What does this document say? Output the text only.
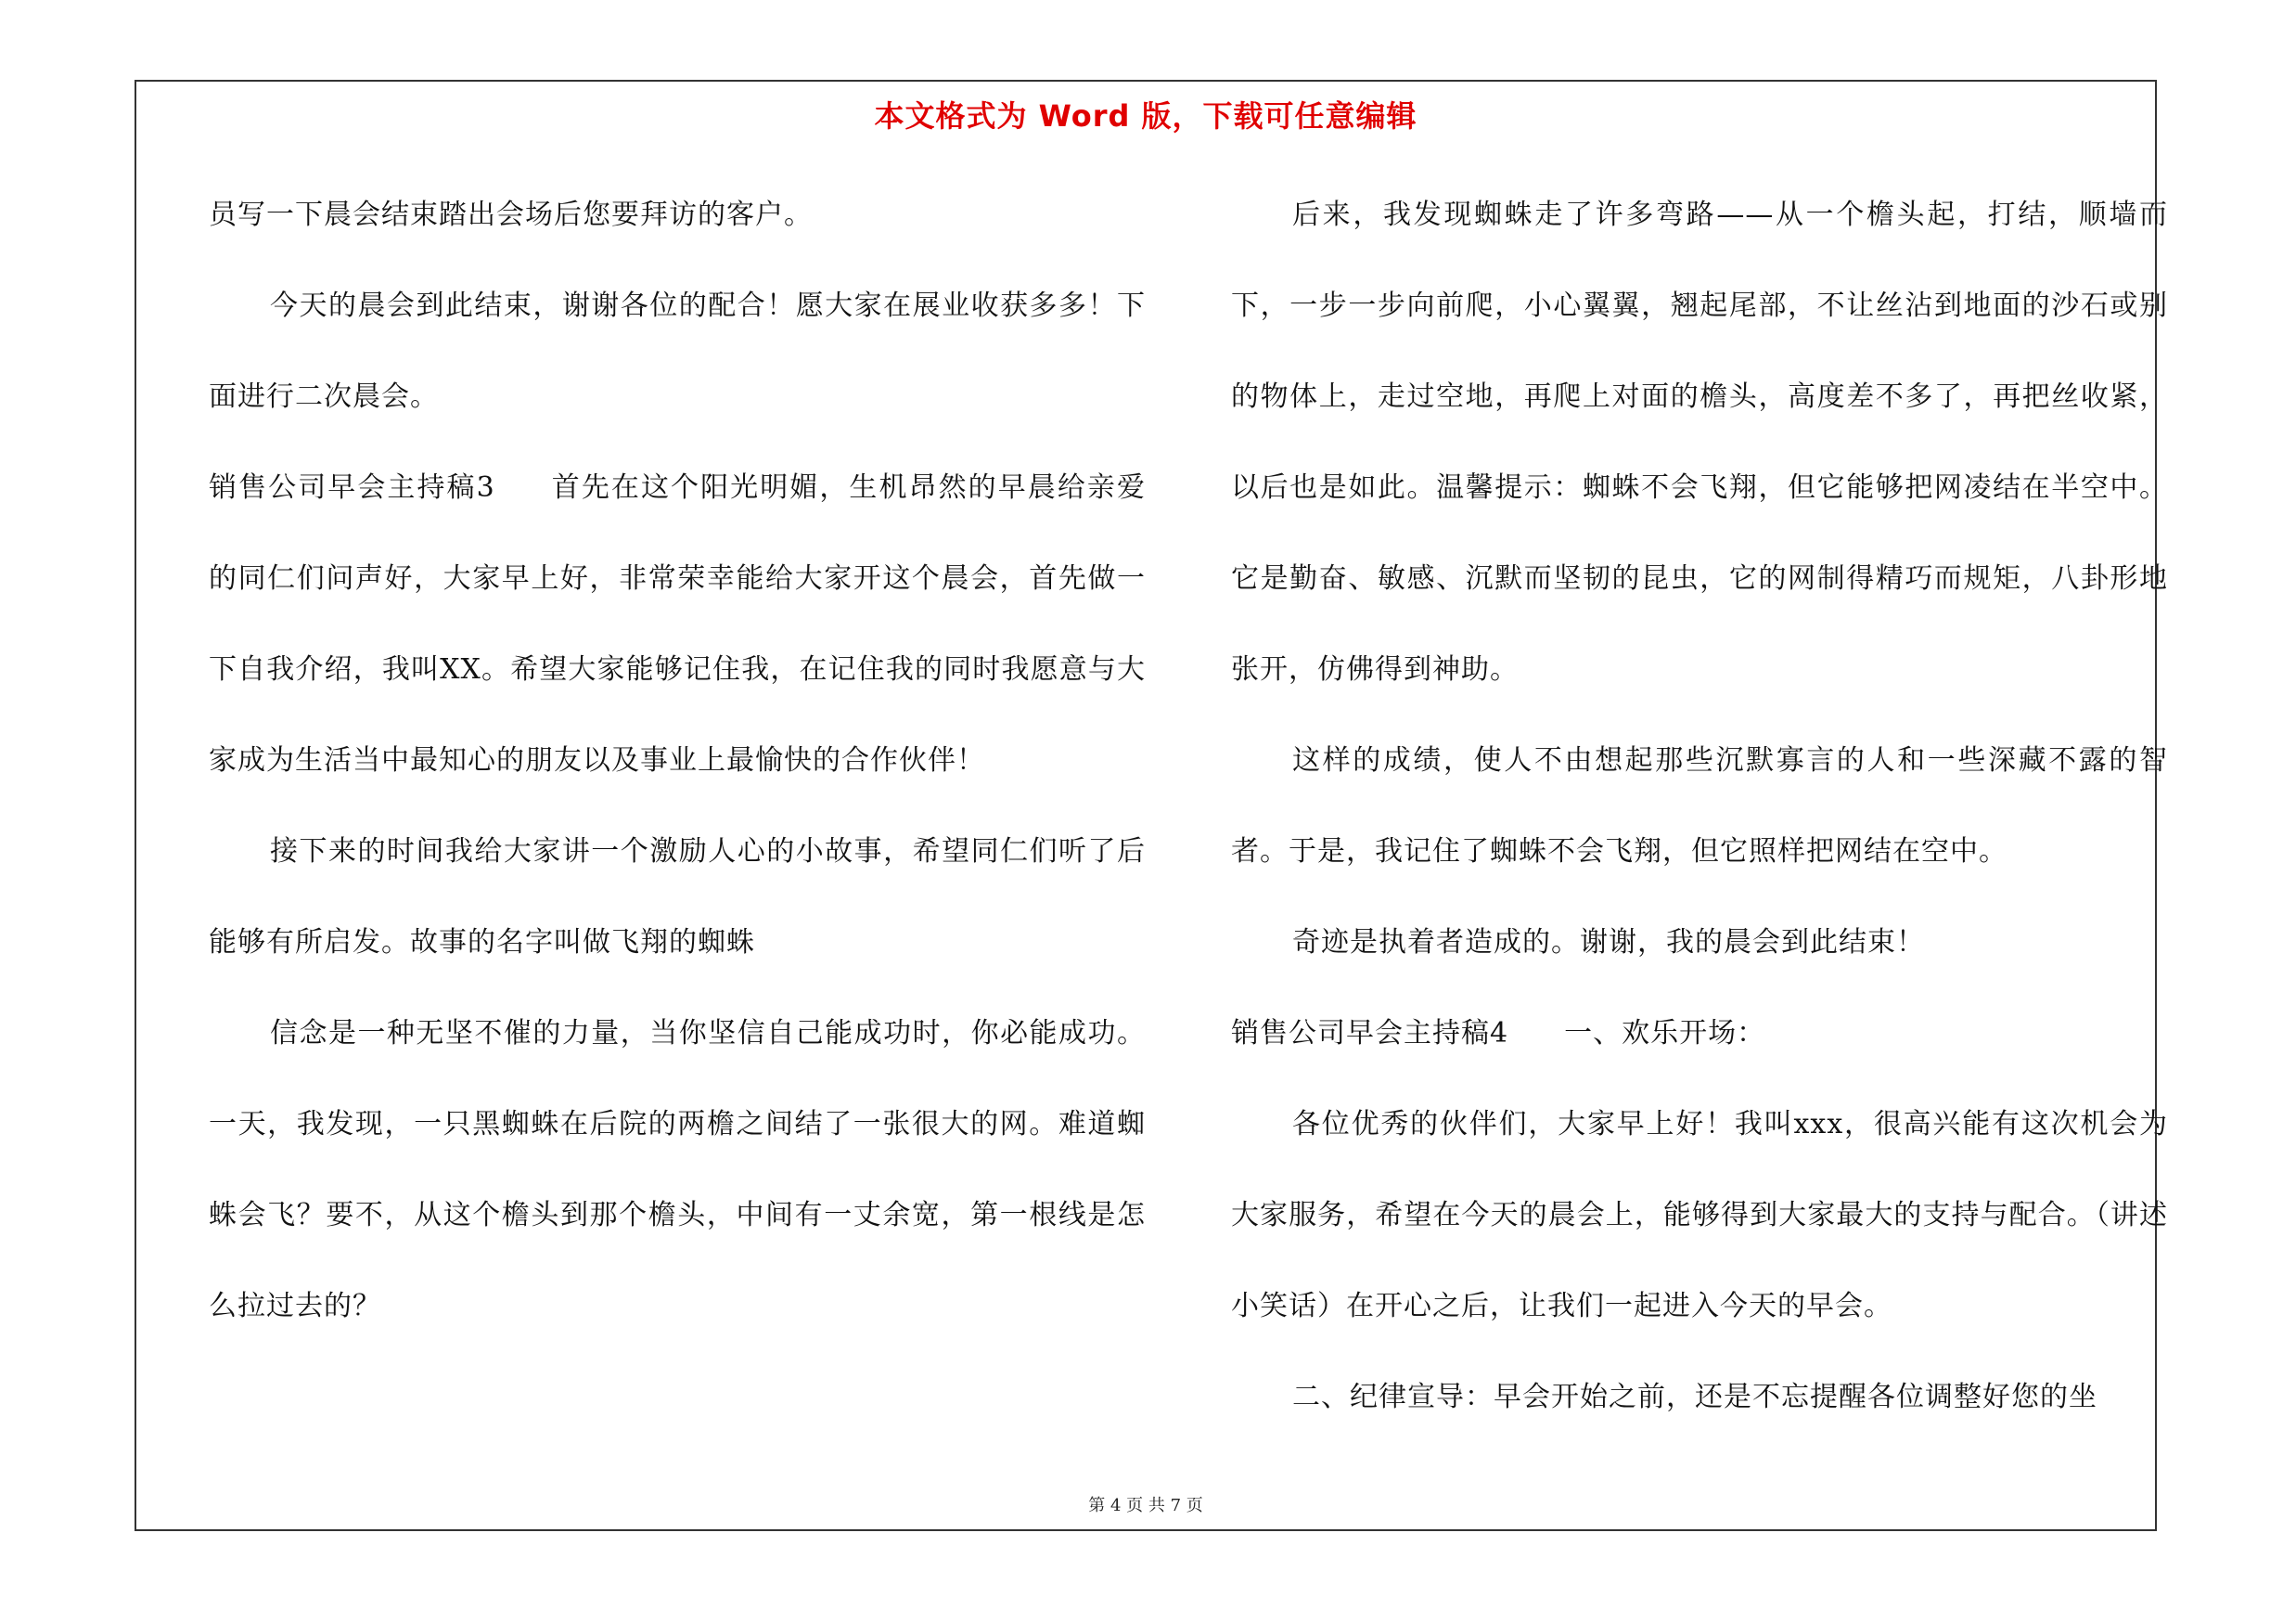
本文格式为 Word 版，下载可任意编辑

员写一下晨会结束踏出会场后您要拜访的客户。

今天的晨会到此结束，谢谢各位的配合！愿大家在展业收获多多！下面进行二次晨会。

销售公司早会主持稿3 首先在这个阳光明媚，生机昂然的早晨给亲爱的同仁们问声好，大家早上好，非常荣幸能给大家开这个晨会，首先做一下自我介绍，我叫XX。希望大家能够记住我，在记住我的同时我愿意与大家成为生活当中最知心的朋友以及事业上最愉快的合作伙伴！

接下来的时间我给大家讲一个激励人心的小故事，希望同仁们听了后能够有所启发。故事的名字叫做飞翔的蜘蛛

信念是一种无坚不催的力量，当你坚信自己能成功时，你必能成功。一天，我发现，一只黑蜘蛛在后院的两檐之间结了一张很大的网。难道蜘蛛会飞？要不，从这个檐头到那个檐头，中间有一丈余宽，第一根线是怎么拉过去的？

后来，我发现蜘蛛走了许多弯路——从一个檐头起，打结，顺墙而下，一步一步向前爬，小心翼翼，翘起尾部，不让丝沾到地面的沙石或别的物体上，走过空地，再爬上对面的檐头，高度差不多了，再把丝收紧，以后也是如此。温馨提示：蜘蛛不会飞翔，但它能够把网凌结在半空中。它是勤奋、敏感、沉默而坚韧的昆虫，它的网制得精巧而规矩，八卦形地张开，仿佛得到神助。

这样的成绩，使人不由想起那些沉默寡言的人和一些深藏不露的智者。于是，我记住了蜘蛛不会飞翔，但它照样把网结在空中。

奇迹是执着者造成的。谢谢，我的晨会到此结束！

销售公司早会主持稿4 一、欢乐开场：

各位优秀的伙伴们，大家早上好！我叫xxx，很高兴能有这次机会为大家服务，希望在今天的晨会上，能够得到大家最大的支持与配合。（讲述小笑话）在开心之后，让我们一起进入今天的早会。

二、纪律宣导：早会开始之前，还是不忘提醒各位调整好您的坐

第 4 页 共 7 页
